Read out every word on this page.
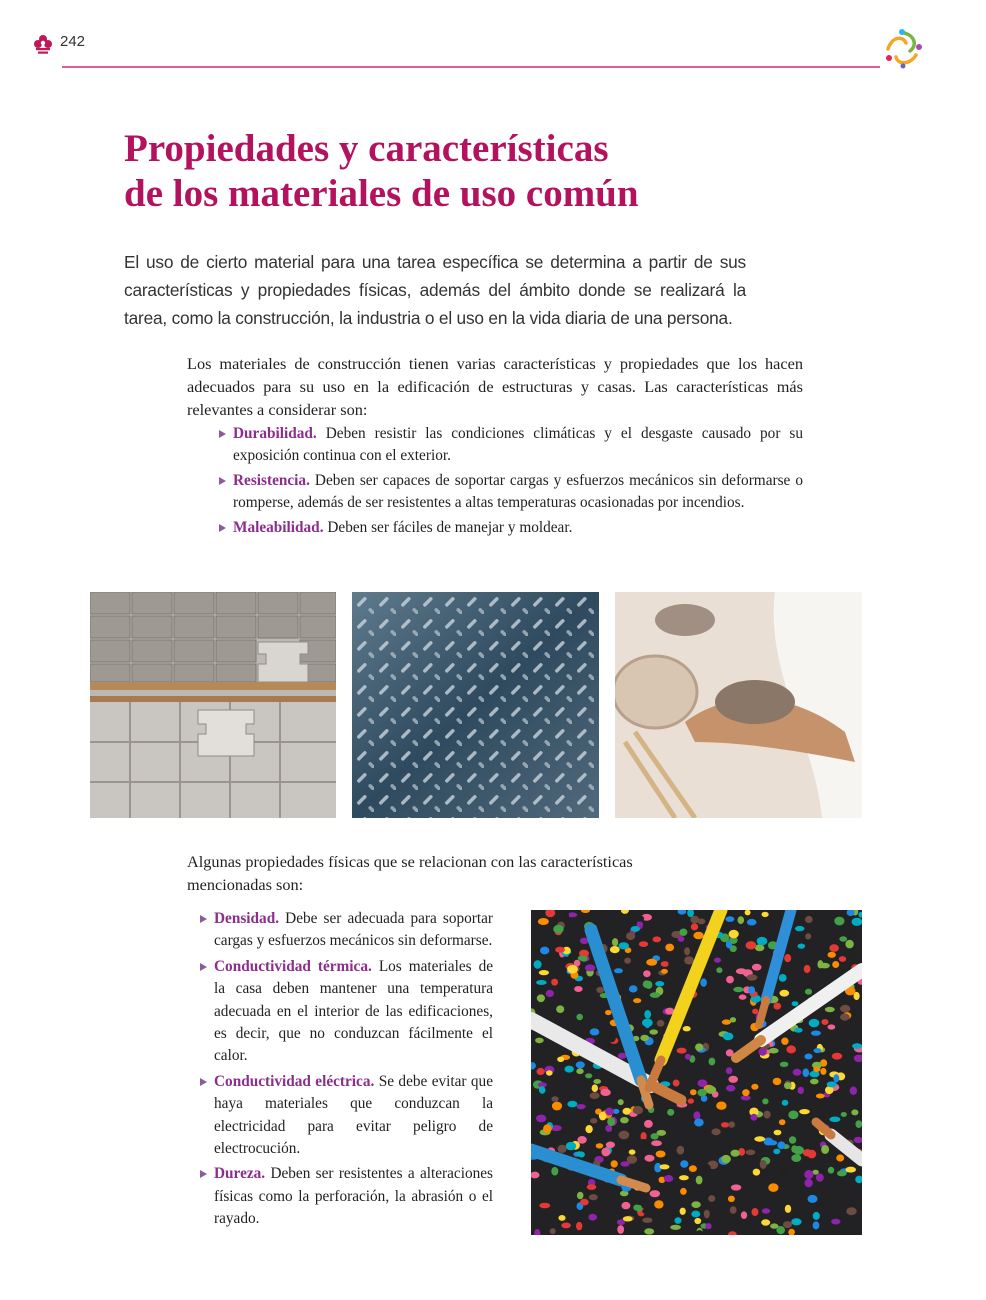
242
Propiedades y características
de los materiales de uso común

El uso de cierto material para una tarea específica se determina a partir de sus características y propiedades físicas, además del ámbito donde se realizará la tarea, como la construcción, la industria o el uso en la vida diaria de una persona.

Los materiales de construcción tienen varias características y propiedades que los hacen adecuados para su uso en la edificación de estructuras y casas. Las características más relevantes a considerar son:

Durabilidad. Deben resistir las condiciones climáticas y el desgaste causado por su exposición continua con el exterior.
Resistencia. Deben ser capaces de soportar cargas y esfuerzos mecánicos sin deformarse o romperse, además de ser resistentes a altas temperaturas ocasionadas por incendios.
Maleabilidad. Deben ser fáciles de manejar y moldear.

Algunas propiedades físicas que se relacionan con las características mencionadas son:

Densidad. Debe ser adecuada para soportar cargas y esfuerzos mecánicos sin deformarse.
Conductividad térmica. Los materiales de la casa deben mantener una temperatura adecuada en el interior de las edificaciones, es decir, que no conduzcan fácilmente el calor.
Conductividad eléctrica. Se debe evitar que haya materiales que conduzcan la electricidad para evitar peligro de electrocución.
Dureza. Deben ser resistentes a alteraciones físicas como la perforación, la abrasión o el rayado.
